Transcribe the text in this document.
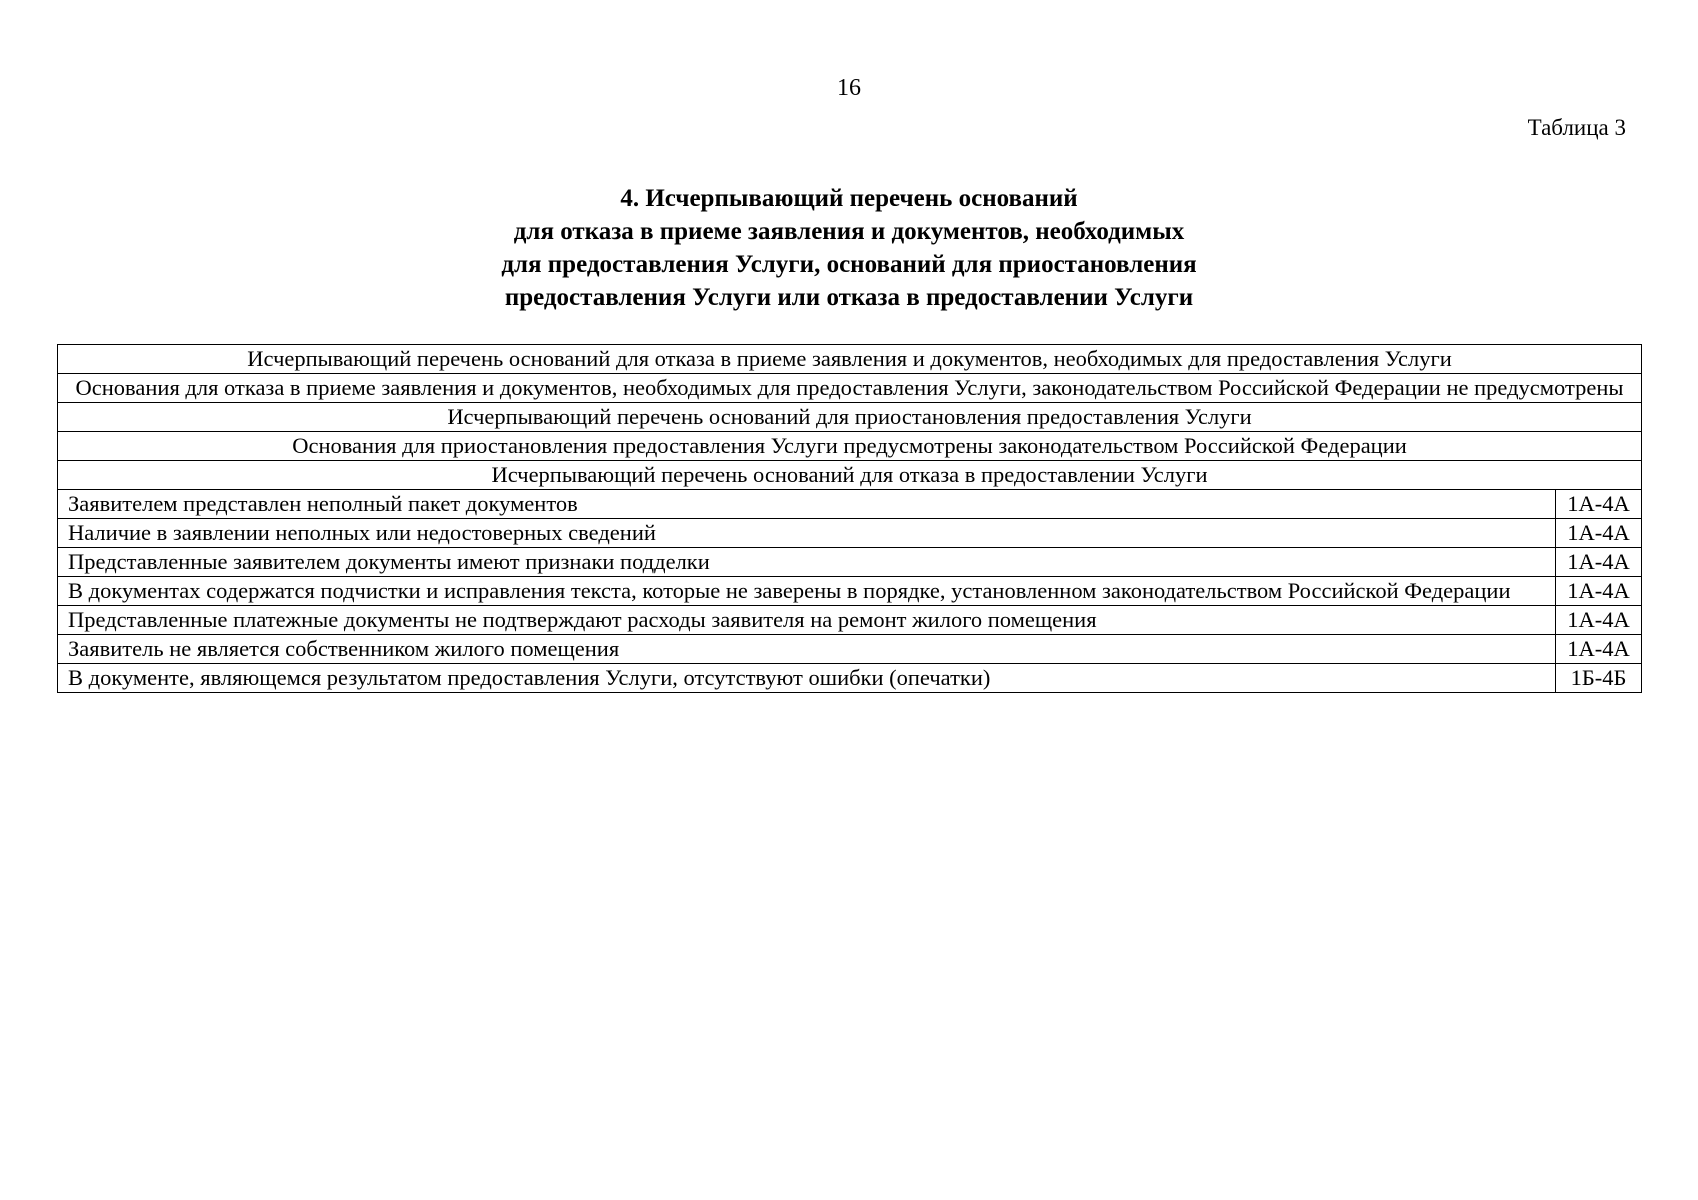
16
Таблица 3
4. Исчерпывающий перечень оснований
для отказа в приеме заявления и документов, необходимых
для предоставления Услуги, оснований для приостановления
предоставления Услуги или отказа в предоставлении Услуги
Исчерпывающий перечень оснований для отказа в приеме заявления и документов, необходимых для предоставления Услуги	
Основания для отказа в приеме заявления и документов, необходимых для предоставления Услуги, законодательством Российской Федерации не предусмотрены	
Исчерпывающий перечень оснований для приостановления предоставления Услуги	
Основания для приостановления предоставления Услуги предусмотрены законодательством Российской Федерации	
Исчерпывающий перечень оснований для отказа в предоставлении Услуги	
Заявителем представлен неполный пакет документов	1А-4А
Наличие в заявлении неполных или недостоверных сведений	1А-4А
Представленные заявителем документы имеют признаки подделки	1А-4А
В документах содержатся подчистки и исправления текста, которые не заверены в порядке, установленном законодательством Российской Федерации	1А-4А
Представленные платежные документы не подтверждают расходы заявителя на ремонт жилого помещения	1А-4А
Заявитель не является собственником жилого помещения	1А-4А
В документе, являющемся результатом предоставления Услуги, отсутствуют ошибки (опечатки)	1Б-4Б
